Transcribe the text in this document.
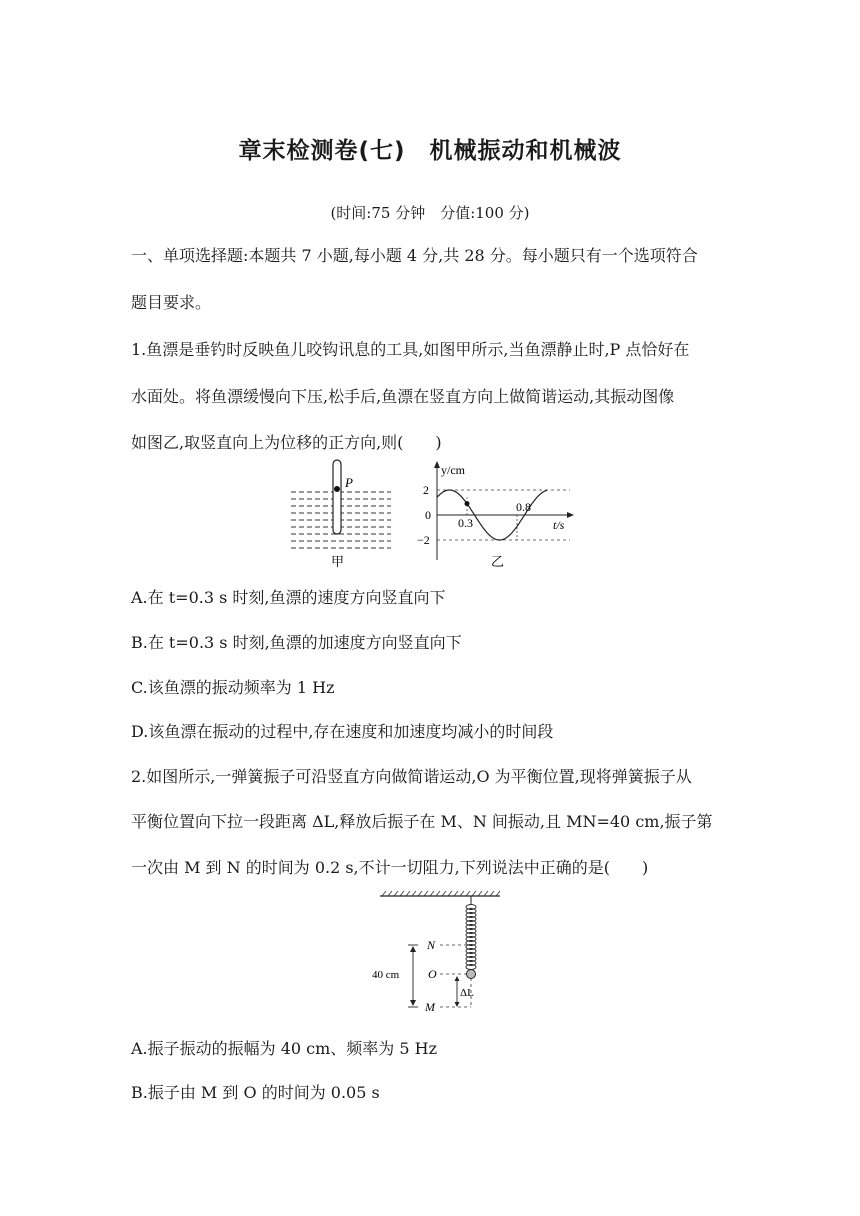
章末检测卷(七)　机械振动和机械波
(时间:75 分钟　分值:100 分)
一、单项选择题:本题共 7 小题,每小题 4 分,共 28 分。每小题只有一个选项符合
题目要求。
1.鱼漂是垂钓时反映鱼儿咬钩讯息的工具,如图甲所示,当鱼漂静止时,P 点恰好在
水面处。将鱼漂缓慢向下压,松手后,鱼漂在竖直方向上做简谐运动,其振动图像
如图乙,取竖直向上为位移的正方向,则(　　)
P
甲
y/cm
t/s
2
0
−2
0.3
0.8
乙
A.在 t=0.3 s 时刻,鱼漂的速度方向竖直向下
B.在 t=0.3 s 时刻,鱼漂的加速度方向竖直向下
C.该鱼漂的振动频率为 1 Hz
D.该鱼漂在振动的过程中,存在速度和加速度均减小的时间段
2.如图所示,一弹簧振子可沿竖直方向做简谐运动,O 为平衡位置,现将弹簧振子从
平衡位置向下拉一段距离 ΔL,释放后振子在 M、N 间振动,且 MN=40 cm,振子第
一次由 M 到 N 的时间为 0.2 s,不计一切阻力,下列说法中正确的是(　　)
40 cm
ΔL
N
O
M
A.振子振动的振幅为 40 cm、频率为 5 Hz
B.振子由 M 到 O 的时间为 0.05 s
